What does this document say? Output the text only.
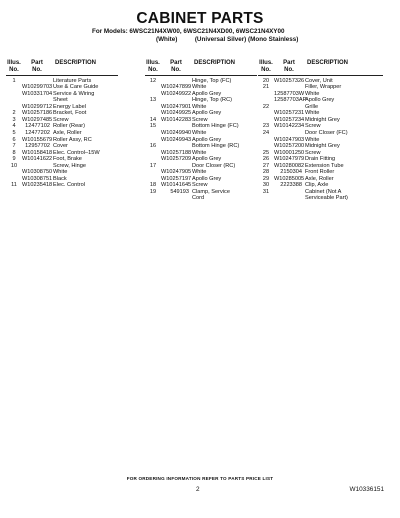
CABINET PARTS
For Models: 6WSC21N4XW00, 6WSC21N4XD00, 6WSC21N4XY00
(White)          (Universal Silver) (Mono Stainless)
Illus.
No.
Part
No.
DESCRIPTION
1	Literature Parts
W10299703 Use & Care Guide
W10331704 Service & Wiring
Sheet
W10299712 Energy Label
2	W10257186 Bracket, Foot
3	W10297485 Screw
4	12477102 Roller (Rear)
5	12477202 Axle, Roller
6	W10155679 Roller Assy, RC
7	12957702 Cover
8	W10158418 Elec. Control–15W
9	W10141622 Foot, Brake
10	Screw, Hinge
W10308750 White
W10308751 Black
11 W10235418 Elec. Control
Illus.
No.
Part
No.
DESCRIPTION
12	Hinge, Top (FC)
W10247899 White
W10249922 Apollo Grey
13	Hinge, Top (RC)
W10247901 White
W10249925 Apollo Grey
14 W10142283 Screw
15	Bottom Hinge (FC)
W10249940 White
W10249943 Apollo Grey
16	Bottom Hinge (RC)
W10257188 White
W10257209 Apollo Grey
17	Door Closer (RC)
W10247905 White
W10257197 Apollo Grey
18 W10141645 Screw
19	549193 Clamp, Service
Cord
Illus.
No.
Part
No.
DESCRIPTION
20 W10257326 Cover, Unit
21	Filler, Wrapper
12587703W White
12587703AP
Apollo Grey
22	Grille
W10257231 White
W10257234 Midnight Grey
23 W10142234 Screw
24	Door Closer (FC)
W10247903 White
W10257200 Midnight Grey
25 W10001250 Screw
26 W10247979 Drain Fitting
27 W10280082 Extension Tube
28	2150304 Front Roller
29 W10285005 Axle, Roller
30	2223388 Clip, Axle
31	Cabinet (Not A
Serviceable Part)
FOR ORDERING INFORMATION REFER TO PARTS PRICE LIST
2	W10336151
